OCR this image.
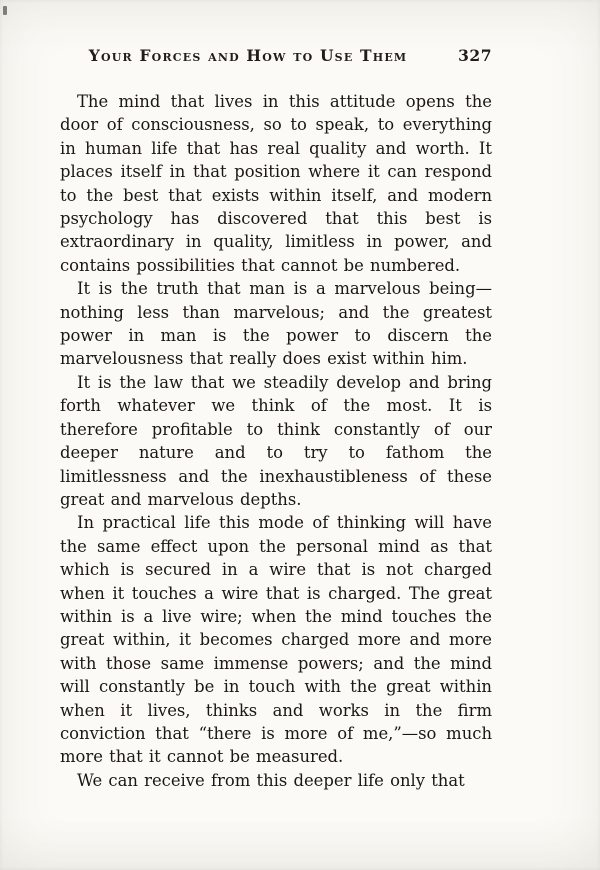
Your Forces and How to Use Them	327

The mind that lives in this attitude opens the door of consciousness, so to speak, to everything in human life that has real quality and worth. It places itself in that position where it can respond to the best that exists within itself, and modern psychology has discovered that this best is extraordinary in quality, limitless in power, and contains possibilities that cannot be numbered.

It is the truth that man is a marvelous being—nothing less than marvelous; and the greatest power in man is the power to discern the marvelousness that really does exist within him.

It is the law that we steadily develop and bring forth whatever we think of the most. It is therefore profitable to think constantly of our deeper nature and to try to fathom the limitlessness and the inexhaustibleness of these great and marvelous depths.

In practical life this mode of thinking will have the same effect upon the personal mind as that which is secured in a wire that is not charged when it touches a wire that is charged. The great within is a live wire; when the mind touches the great within, it becomes charged more and more with those same immense powers; and the mind will constantly be in touch with the great within when it lives, thinks and works in the firm conviction that “there is more of me,”—so much more that it cannot be measured.

We can receive from this deeper life only that
